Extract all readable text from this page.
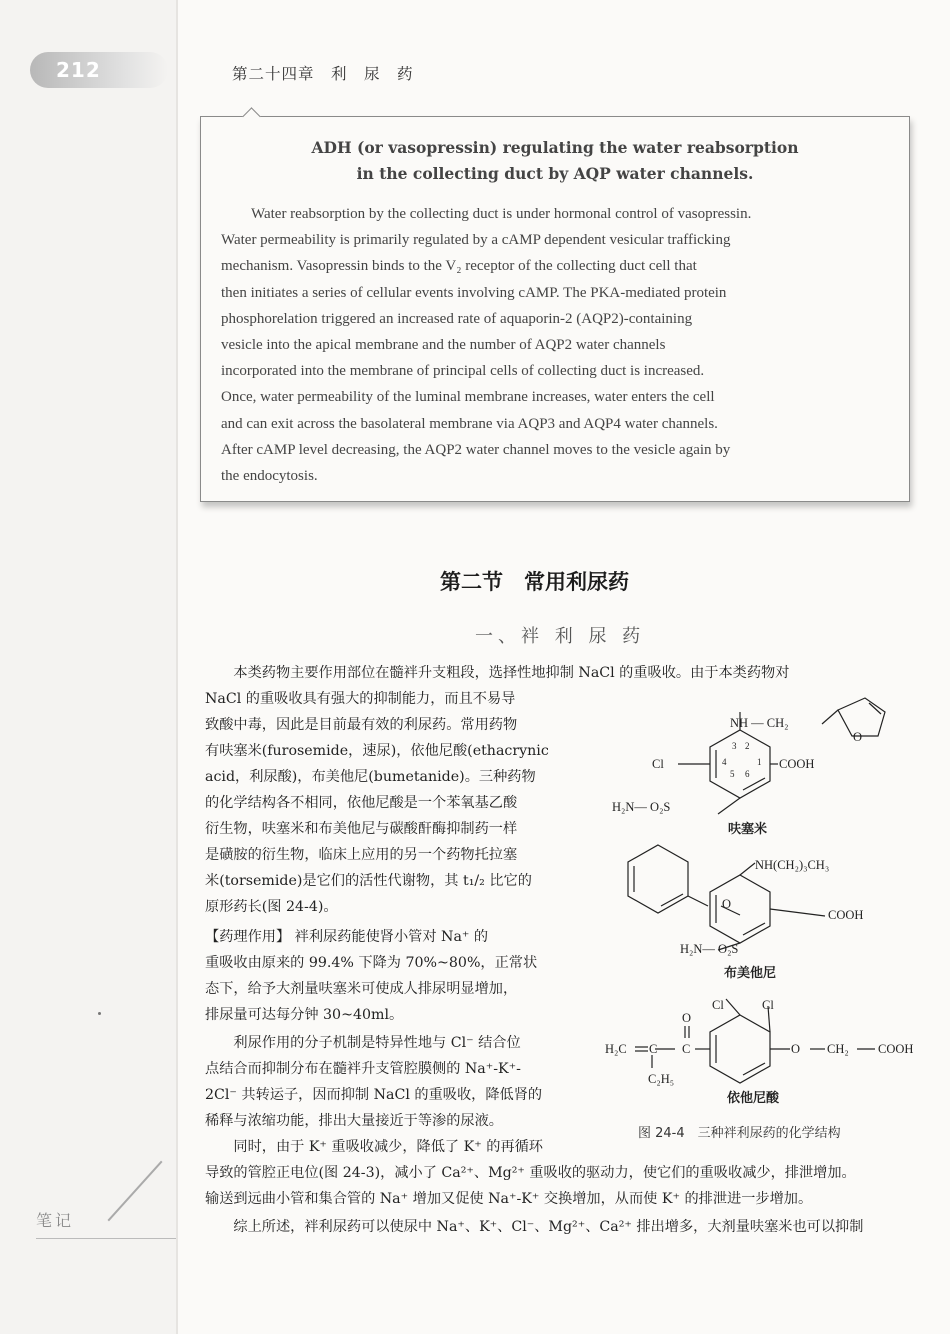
212	第二十四章　利　尿　药
ADH (or vasopressin) regulating the water reabsorption
in the collecting duct by AQP water channels.
Water reabsorption by the collecting duct is under hormonal control of vasopressin.
Water permeability is primarily regulated by a cAMP dependent vesicular trafficking
mechanism. Vasopressin binds to the V₂ receptor of the collecting duct cell that
then initiates a series of cellular events involving cAMP. The PKA-mediated protein
phosphorelation triggered an increased rate of aquaporin-2 (AQP2)-containing
vesicle into the apical membrane and the number of AQP2 water channels
incorporated into the membrane of principal cells of collecting duct is increased.
Once, water permeability of the luminal membrane increases, water enters the cell
and can exit across the basolateral membrane via AQP3 and AQP4 water channels.
After cAMP level decreasing, the AQP2 water channel moves to the vesicle again by
the endocytosis.
第二节　常用利尿药
一、袢 利 尿 药
本类药物主要作用部位在髓袢升支粗段，选择性地抑制 NaCl 的重吸收。由于本类药物对
NaCl 的重吸收具有强大的抑制能力，而且不易导
致酸中毒，因此是目前最有效的利尿药。常用药物
有呋塞米(furosemide，速尿)，依他尼酸(ethacrynic
acid，利尿酸)，布美他尼(bumetanide)。三种药物
的化学结构各不相同，依他尼酸是一个苯氧基乙酸
衍生物，呋塞米和布美他尼与碳酸酐酶抑制药一样
是磺胺的衍生物，临床上应用的另一个药物托拉塞
米(torsemide)是它们的活性代谢物，其 t₁/₂ 比它的
原形药长(图 24-4)。
【药理作用】 袢利尿药能使肾小管对 Na⁺ 的
重吸收由原来的 99.4% 下降为 70%~80%，正常状
态下，给予大剂量呋塞米可使成人排尿明显增加，
排尿量可达每分钟 30~40ml。
利尿作用的分子机制是特异性地与 Cl⁻ 结合位
点结合而抑制分布在髓袢升支管腔膜侧的 Na⁺-K⁺-
2Cl⁻ 共转运子，因而抑制 NaCl 的重吸收，降低肾的
稀释与浓缩功能，排出大量接近于等渗的尿液。
同时，由于 K⁺ 重吸收减少，降低了 K⁺ 的再循环
导致的管腔正电位(图 24-3)，减小了 Ca²⁺、Mg²⁺ 重吸收的驱动力，使它们的重吸收减少，排泄增加。
输送到远曲小管和集合管的 Na⁺ 增加又促使 Na⁺-K⁺ 交换增加，从而使 K⁺ 的排泄进一步增加。
综上所述，袢利尿药可以使尿中 Na⁺、K⁺、Cl⁻、Mg²⁺、Ca²⁺ 排出增多，大剂量呋塞米也可以抑制
NH — CH₂
O
Cl	COOH
H₂N— O₂S
3 2
4	1
5 6
呋塞米
NH(CH₂)₃CH₃
O
COOH
H₂N— O₂S
布美他尼
Cl	Cl
O
H₂C C C
C₂H₅
O CH₂ COOH
依他尼酸
图 24-4　三种袢利尿药的化学结构
笔记
